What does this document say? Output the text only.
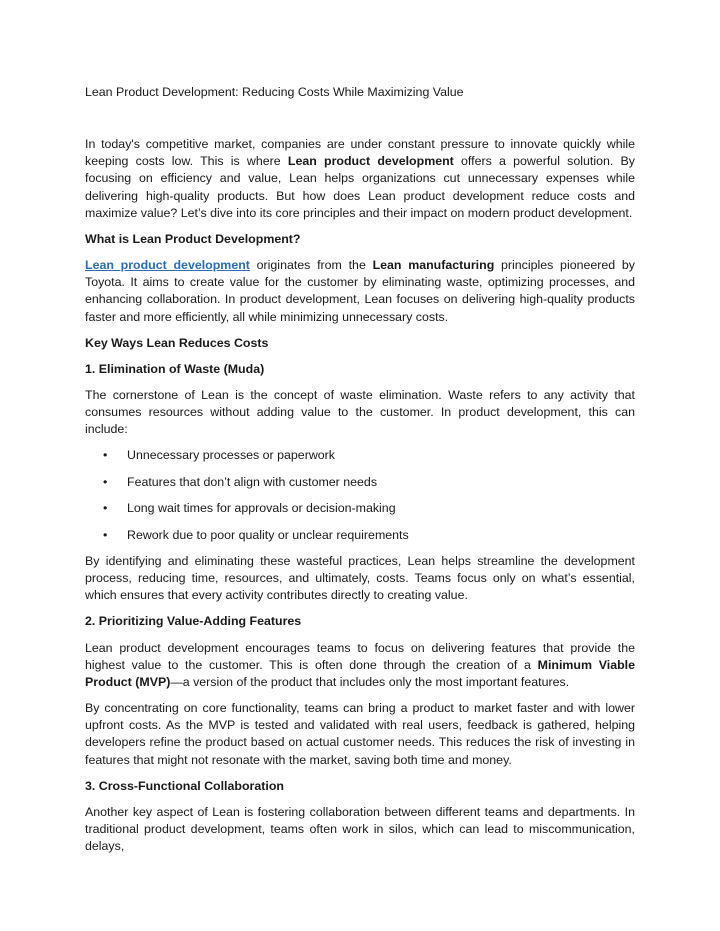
Lean Product Development: Reducing Costs While Maximizing Value

In today's competitive market, companies are under constant pressure to innovate quickly while keeping costs low. This is where Lean product development offers a powerful solution. By focusing on efficiency and value, Lean helps organizations cut unnecessary expenses while delivering high-quality products. But how does Lean product development reduce costs and maximize value? Let’s dive into its core principles and their impact on modern product development.

What is Lean Product Development?

Lean product development originates from the Lean manufacturing principles pioneered by Toyota. It aims to create value for the customer by eliminating waste, optimizing processes, and enhancing collaboration. In product development, Lean focuses on delivering high-quality products faster and more efficiently, all while minimizing unnecessary costs.

Key Ways Lean Reduces Costs
1. Elimination of Waste (Muda)

The cornerstone of Lean is the concept of waste elimination. Waste refers to any activity that consumes resources without adding value to the customer. In product development, this can include:

• Unnecessary processes or paperwork
• Features that don’t align with customer needs
• Long wait times for approvals or decision-making
• Rework due to poor quality or unclear requirements

By identifying and eliminating these wasteful practices, Lean helps streamline the development process, reducing time, resources, and ultimately, costs. Teams focus only on what’s essential, which ensures that every activity contributes directly to creating value.

2. Prioritizing Value-Adding Features

Lean product development encourages teams to focus on delivering features that provide the highest value to the customer. This is often done through the creation of a Minimum Viable Product (MVP)—a version of the product that includes only the most important features.

By concentrating on core functionality, teams can bring a product to market faster and with lower upfront costs. As the MVP is tested and validated with real users, feedback is gathered, helping developers refine the product based on actual customer needs. This reduces the risk of investing in features that might not resonate with the market, saving both time and money.

3. Cross-Functional Collaboration

Another key aspect of Lean is fostering collaboration between different teams and departments. In traditional product development, teams often work in silos, which can lead to miscommunication, delays,
